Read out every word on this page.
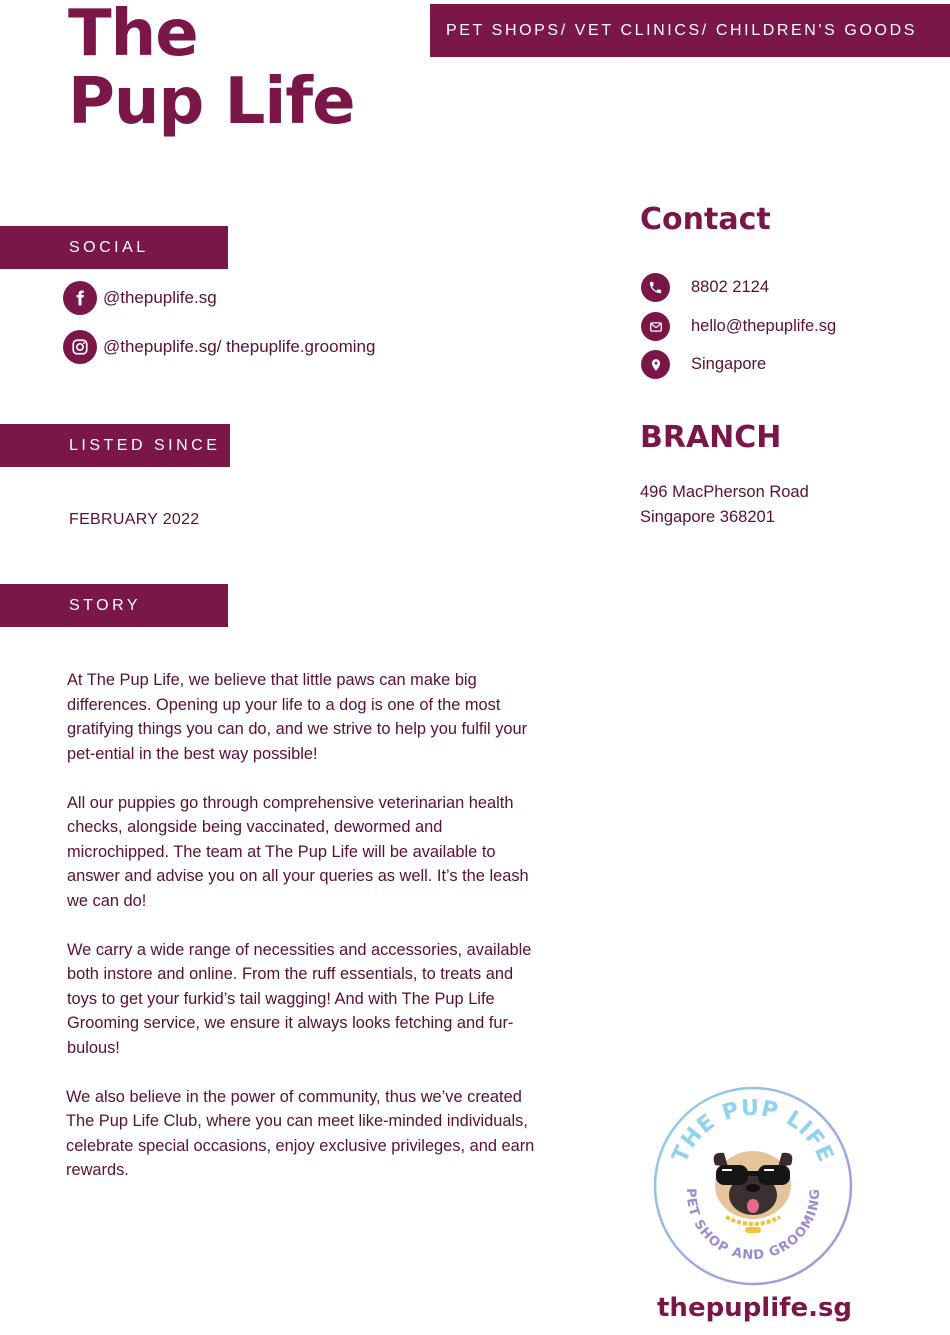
The
Pup Life
PET SHOPS/ VET CLINICS/ CHILDREN'S GOODS
SOCIAL
@thepuplife.sg
@thepuplife.sg/ thepuplife.grooming
LISTED SINCE
FEBRUARY 2022
STORY

At The Pup Life, we believe that little paws can make big differences. Opening up your life to a dog is one of the most gratifying things you can do, and we strive to help you fulfil your pet-ential in the best way possible!

All our puppies go through comprehensive veterinarian health checks, alongside being vaccinated, dewormed and microchipped. The team at The Pup Life will be available to answer and advise you on all your queries as well. It’s the leash we can do!

We carry a wide range of necessities and accessories, available both instore and online. From the ruff essentials, to treats and toys to get your furkid’s tail wagging! And with The Pup Life Grooming service, we ensure it always looks fetching and fur-bulous!

We also believe in the power of community, thus we’ve created The Pup Life Club, where you can meet like-minded individuals, celebrate special occasions, enjoy exclusive privileges, and earn rewards.

Contact
8802 2124
hello@thepuplife.sg
Singapore
BRANCH
496 MacPherson Road
Singapore 368201
THE PUP LIFE
PET SHOP AND GROOMING
thepuplife.sg
